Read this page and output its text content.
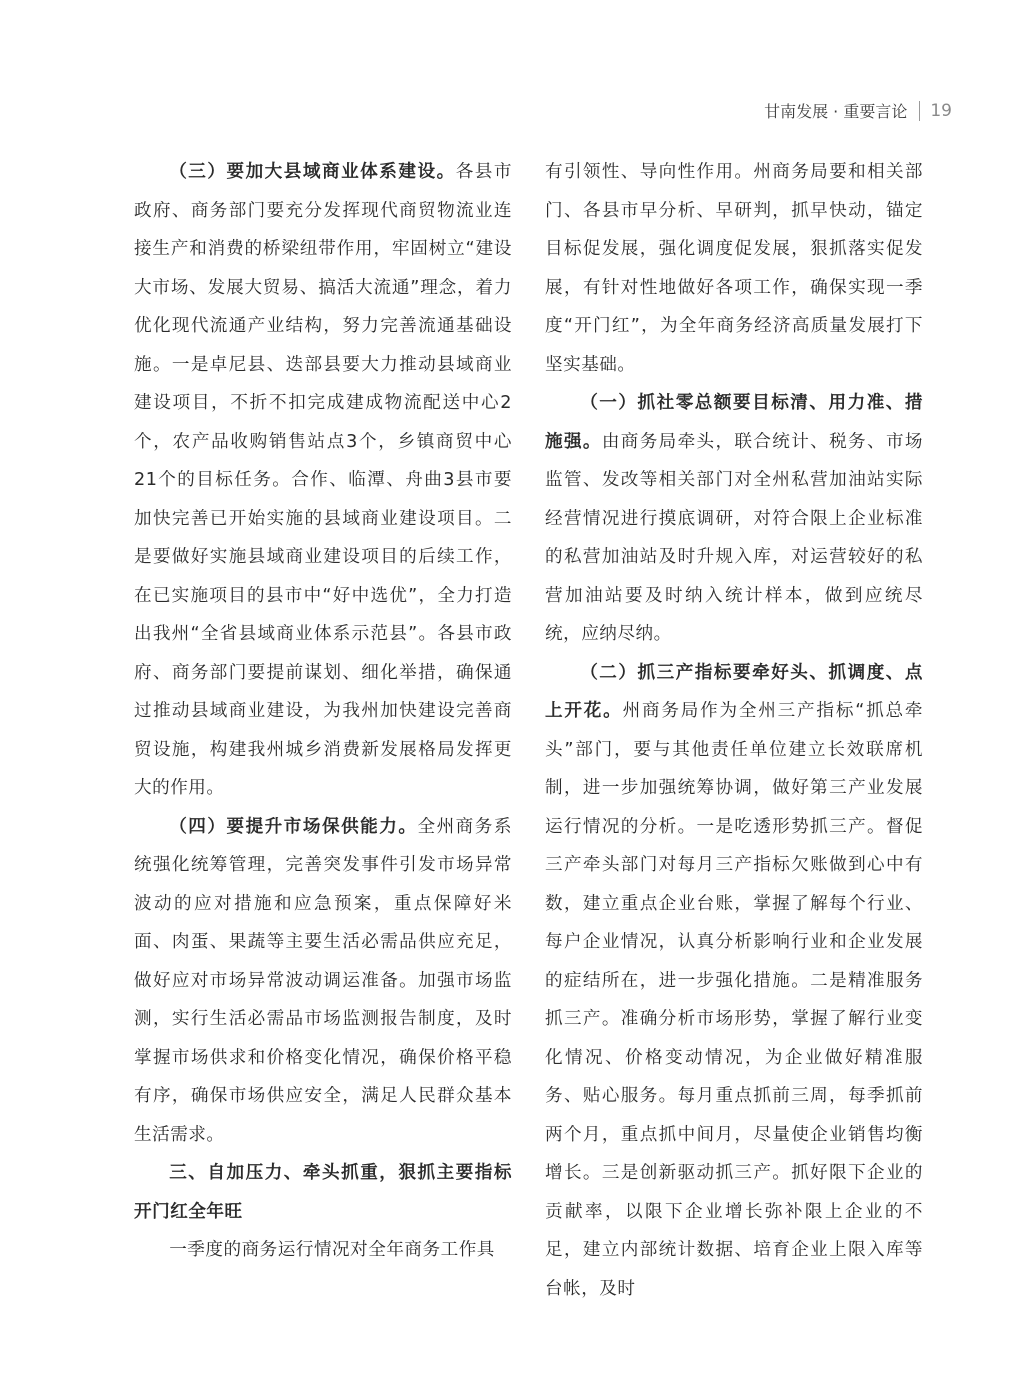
甘南发展 · 重要言论 19

（三）要加大县域商业体系建设。各县市政府、商务部门要充分发挥现代商贸物流业连接生产和消费的桥梁纽带作用，牢固树立“建设大市场、发展大贸易、搞活大流通”理念，着力优化现代流通产业结构，努力完善流通基础设施。一是卓尼县、迭部县要大力推动县域商业建设项目，不折不扣完成建成物流配送中心2个，农产品收购销售站点3个，乡镇商贸中心21个的目标任务。合作、临潭、舟曲3县市要加快完善已开始实施的县域商业建设项目。二是要做好实施县域商业建设项目的后续工作，在已实施项目的县市中“好中选优”，全力打造出我州“全省县域商业体系示范县”。各县市政府、商务部门要提前谋划、细化举措，确保通过推动县域商业建设，为我州加快建设完善商贸设施，构建我州城乡消费新发展格局发挥更大的作用。

（四）要提升市场保供能力。全州商务系统强化统筹管理，完善突发事件引发市场异常波动的应对措施和应急预案，重点保障好米面、肉蛋、果蔬等主要生活必需品供应充足，做好应对市场异常波动调运准备。加强市场监测，实行生活必需品市场监测报告制度，及时掌握市场供求和价格变化情况，确保价格平稳有序，确保市场供应安全，满足人民群众基本生活需求。

三、自加压力、牵头抓重，狠抓主要指标开门红全年旺

一季度的商务运行情况对全年商务工作具

有引领性、导向性作用。州商务局要和相关部门、各县市早分析、早研判，抓早快动，锚定目标促发展，强化调度促发展，狠抓落实促发展，有针对性地做好各项工作，确保实现一季度“开门红”，为全年商务经济高质量发展打下坚实基础。

（一）抓社零总额要目标清、用力准、措施强。由商务局牵头，联合统计、税务、市场监管、发改等相关部门对全州私营加油站实际经营情况进行摸底调研，对符合限上企业标准的私营加油站及时升规入库，对运营较好的私营加油站要及时纳入统计样本，做到应统尽统，应纳尽纳。

（二）抓三产指标要牵好头、抓调度、点上开花。州商务局作为全州三产指标“抓总牵头”部门，要与其他责任单位建立长效联席机制，进一步加强统筹协调，做好第三产业发展运行情况的分析。一是吃透形势抓三产。督促三产牵头部门对每月三产指标欠账做到心中有数，建立重点企业台账，掌握了解每个行业、每户企业情况，认真分析影响行业和企业发展的症结所在，进一步强化措施。二是精准服务抓三产。准确分析市场形势，掌握了解行业变化情况、价格变动情况，为企业做好精准服务、贴心服务。每月重点抓前三周，每季抓前两个月，重点抓中间月，尽量使企业销售均衡增长。三是创新驱动抓三产。抓好限下企业的贡献率，以限下企业增长弥补限上企业的不足，建立内部统计数据、培育企业上限入库等台帐，及时
